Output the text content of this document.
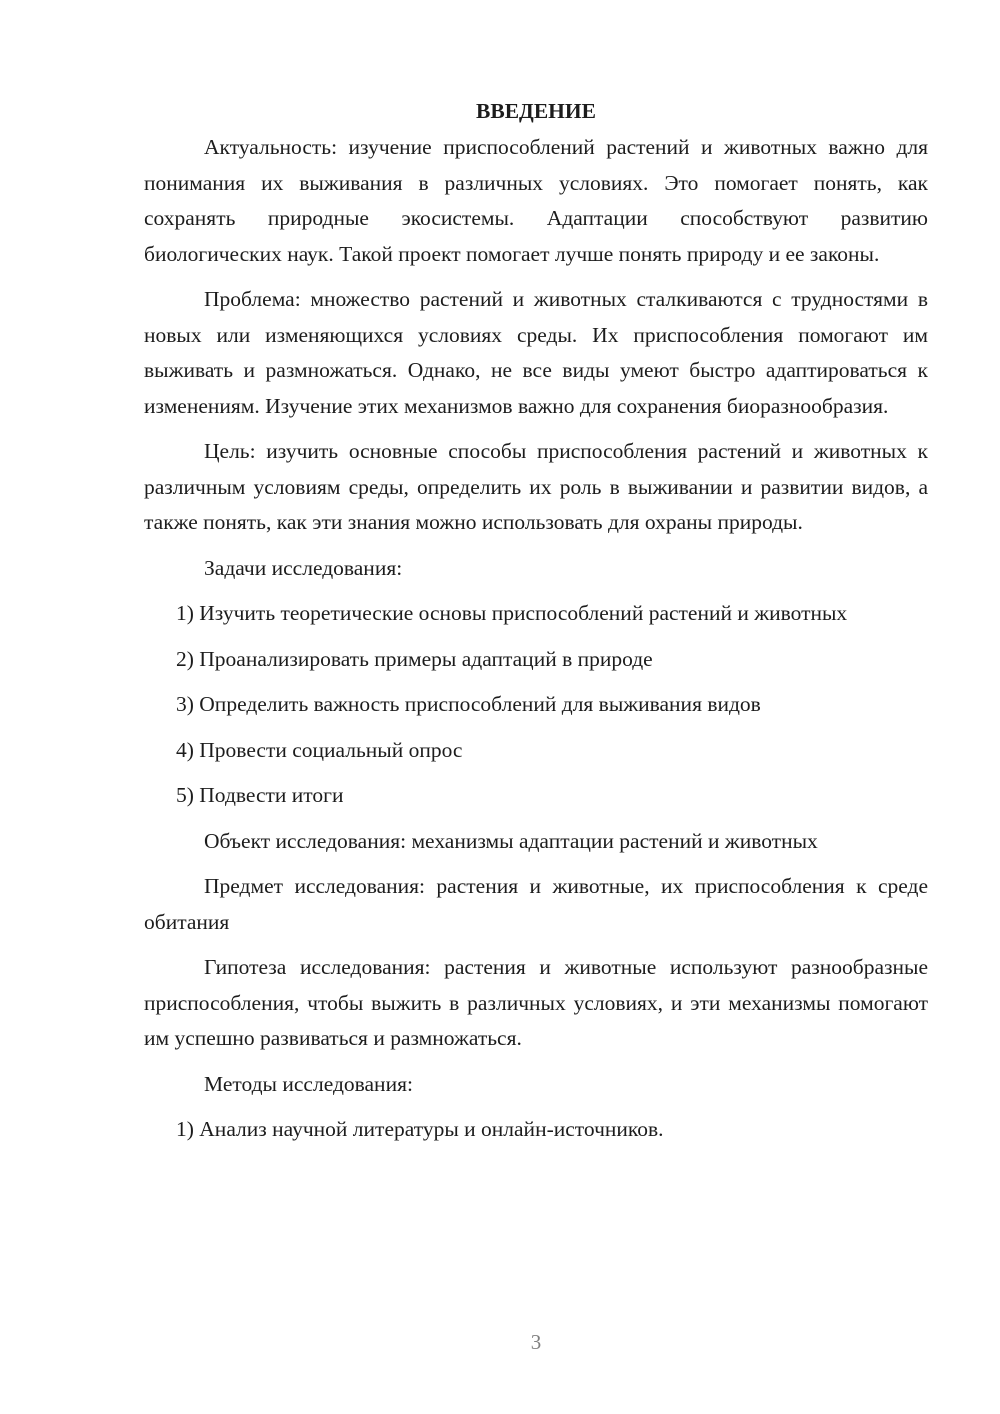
ВВЕДЕНИЕ

Актуальность: изучение приспособлений растений и животных важно для понимания их выживания в различных условиях. Это помогает понять, как сохранять природные экосистемы. Адаптации способствуют развитию биологических наук. Такой проект помогает лучше понять природу и ее законы.

Проблема: множество растений и животных сталкиваются с трудностями в новых или изменяющихся условиях среды. Их приспособления помогают им выживать и размножаться. Однако, не все виды умеют быстро адаптироваться к изменениям. Изучение этих механизмов важно для сохранения биоразнообразия.

Цель: изучить основные способы приспособления растений и животных к различным условиям среды, определить их роль в выживании и развитии видов, а также понять, как эти знания можно использовать для охраны природы.

Задачи исследования:

1) Изучить теоретические основы приспособлений растений и животных

2) Проанализировать примеры адаптаций в природе
3) Определить важность приспособлений для выживания видов
4) Провести социальный опрос
5) Подвести итоги
Объект исследования: механизмы адаптации растений и животных

Предмет исследования: растения и животные, их приспособления к среде обитания

Гипотеза исследования: растения и животные используют разнообразные приспособления, чтобы выжить в различных условиях, и эти механизмы помогают им успешно развиваться и размножаться.

Методы исследования:
1) Анализ научной литературы и онлайн-источников.
3
